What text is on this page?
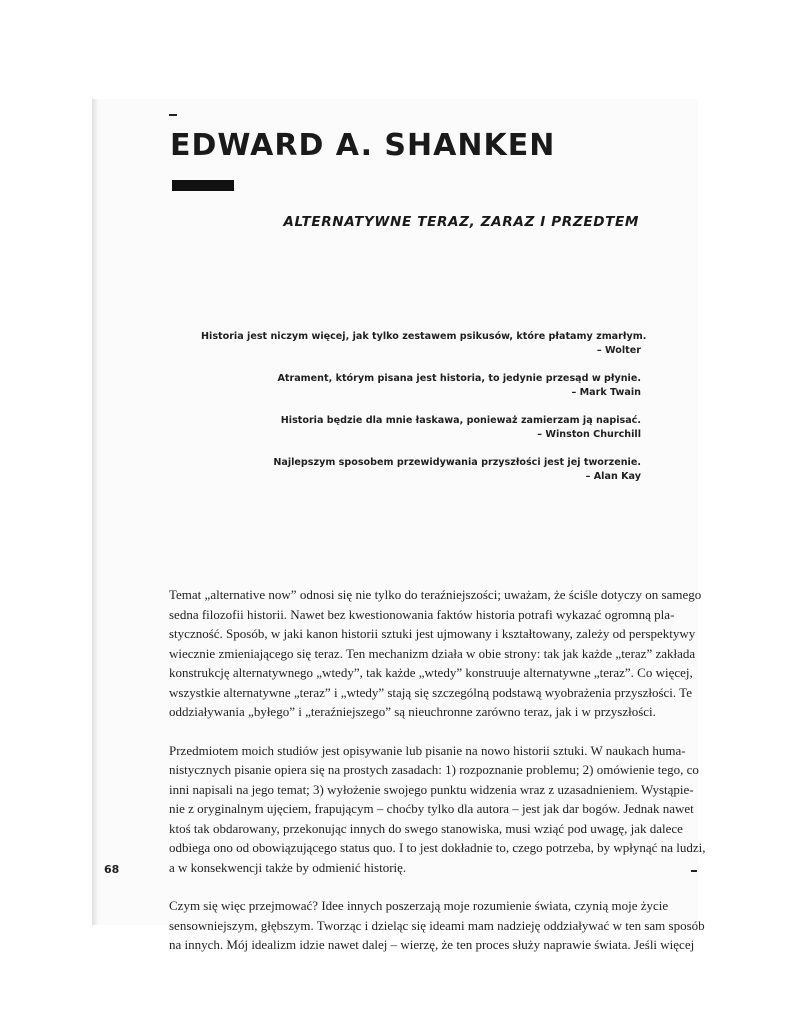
EDWARD A. SHANKEN
ALTERNATYWNE TERAZ, ZARAZ I PRZEDTEM
Historia jest niczym więcej, jak tylko zestawem psikusów, które płatamy zmarłym.
– Wolter
Atrament, którym pisana jest historia, to jedynie przesąd w płynie.
– Mark Twain
Historia będzie dla mnie łaskawa, ponieważ zamierzam ją napisać.
– Winston Churchill
Najlepszym sposobem przewidywania przyszłości jest jej tworzenie.
– Alan Kay

Temat „alternative now” odnosi się nie tylko do teraźniejszości; uważam, że ściśle dotyczy on samego
sedna filozofii historii. Nawet bez kwestionowania faktów historia potrafi wykazać ogromną pla-
styczność. Sposób, w jaki kanon historii sztuki jest ujmowany i kształtowany, zależy od perspektywy
wiecznie zmieniającego się teraz. Ten mechanizm działa w obie strony: tak jak każde „teraz” zakłada
konstrukcję alternatywnego „wtedy”, tak każde „wtedy” konstruuje alternatywne „teraz”. Co więcej,
wszystkie alternatywne „teraz” i „wtedy” stają się szczególną podstawą wyobrażenia przyszłości. Te
oddziaływania „byłego” i „teraźniejszego” są nieuchronne zarówno teraz, jak i w przyszłości.

Przedmiotem moich studiów jest opisywanie lub pisanie na nowo historii sztuki. W naukach huma-
nistycznych pisanie opiera się na prostych zasadach: 1) rozpoznanie problemu; 2) omówienie tego, co
inni napisali na jego temat; 3) wyłożenie swojego punktu widzenia wraz z uzasadnieniem. Wystąpie-
nie z oryginalnym ujęciem, frapującym – choćby tylko dla autora – jest jak dar bogów. Jednak nawet
ktoś tak obdarowany, przekonując innych do swego stanowiska, musi wziąć pod uwagę, jak dalece
odbiega ono od obowiązującego status quo. I to jest dokładnie to, czego potrzeba, by wpłynąć na ludzi,
a w konsekwencji także by odmienić historię.

Czym się więc przejmować? Idee innych poszerzają moje rozumienie świata, czynią moje życie
sensowniejszym, głębszym. Tworząc i dzieląc się ideami mam nadzieję oddziaływać w ten sam sposób
na innych. Mój idealizm idzie nawet dalej – wierzę, że ten proces służy naprawie świata. Jeśli więcej

68
